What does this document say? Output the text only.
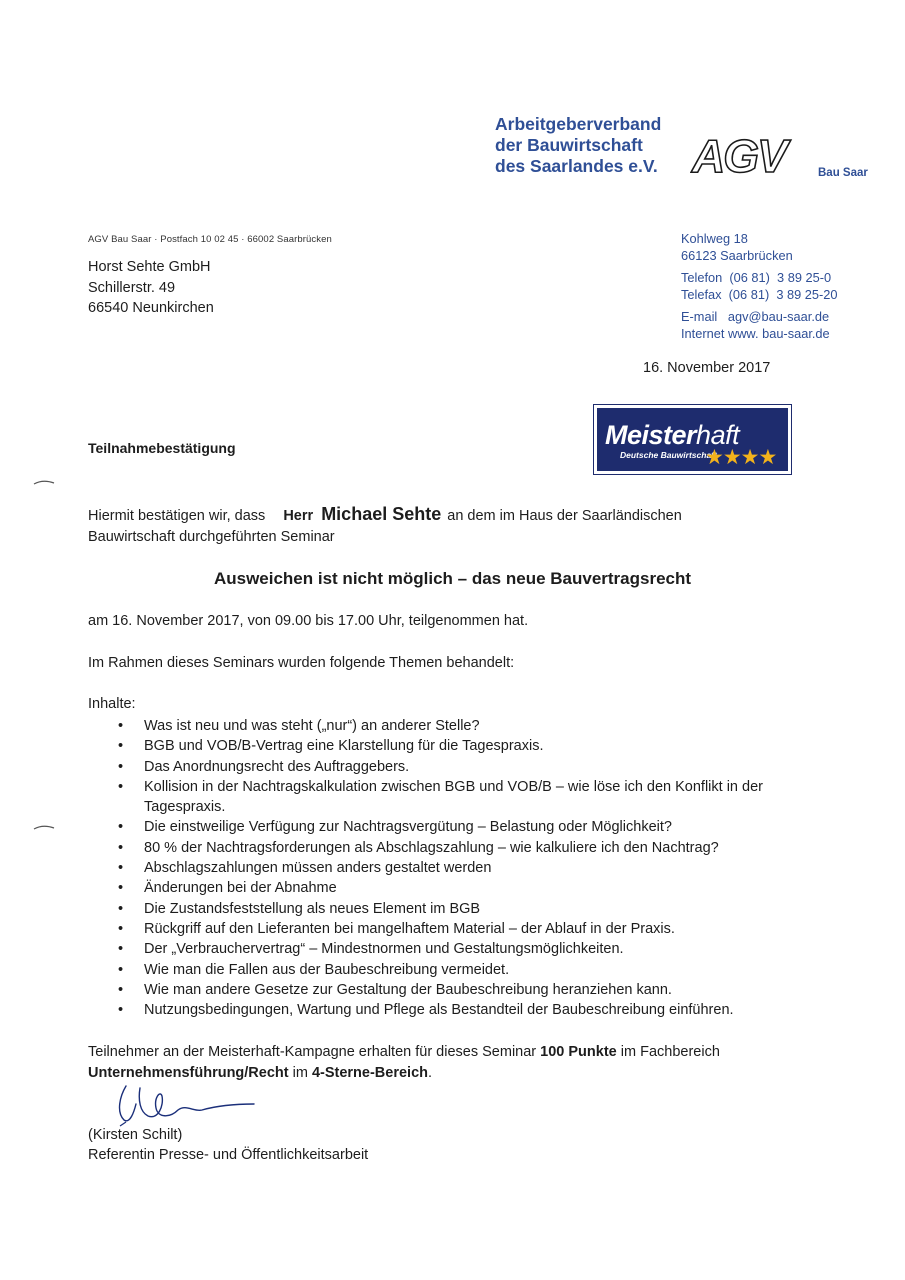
Arbeitgeberverband
der Bauwirtschaft
des Saarlandes e.V. AGV	Bau Saar
AGV Bau Saar · Postfach 10 02 45 · 66002 Saarbrücken
Horst Sehte GmbH
Schillerstr. 49
66540 Neunkirchen
Kohlweg 18
66123 Saarbrücken
Telefon  (06 81)  3 89 25-0
Telefax  (06 81)  3 89 25-20
E-mail   agv@bau-saar.de
Internet www. bau-saar.de
16. November 2017
Meisterhaft
Deutsche Bauwirtschaft
★★★★
Teilnahmebestätigung
Hiermit bestätigen wir, dass Herr Michael Sehte an dem im Haus der Saarländischen
Bauwirtschaft durchgeführten Seminar
Ausweichen ist nicht möglich – das neue Bauvertragsrecht
am 16. November 2017, von 09.00 bis 17.00 Uhr, teilgenommen hat.
Im Rahmen dieses Seminars wurden folgende Themen behandelt:
Inhalte:
• Was ist neu und was steht („nur“) an anderer Stelle?
• BGB und VOB/B-Vertrag eine Klarstellung für die Tagespraxis.
• Das Anordnungsrecht des Auftraggebers.
• Kollision in der Nachtragskalkulation zwischen BGB und VOB/B – wie löse ich den Konflikt in der Tagespraxis.
• Die einstweilige Verfügung zur Nachtragsvergütung – Belastung oder Möglichkeit?
• 80 % der Nachtragsforderungen als Abschlagszahlung – wie kalkuliere ich den Nachtrag?
• Abschlagszahlungen müssen anders gestaltet werden
• Änderungen bei der Abnahme
• Die Zustandsfeststellung als neues Element im BGB
• Rückgriff auf den Lieferanten bei mangelhaftem Material – der Ablauf in der Praxis.
• Der „Verbrauchervertrag“ – Mindestnormen und Gestaltungsmöglichkeiten.
• Wie man die Fallen aus der Baubeschreibung vermeidet.
• Wie man andere Gesetze zur Gestaltung der Baubeschreibung heranziehen kann.
• Nutzungsbedingungen, Wartung und Pflege als Bestandteil der Baubeschreibung einführen.
Teilnehmer an der Meisterhaft-Kampagne erhalten für dieses Seminar 100 Punkte im Fachbereich Unternehmensführung/Recht im 4-Sterne-Bereich.
(Kirsten Schilt)
Referentin Presse- und Öffentlichkeitsarbeit
